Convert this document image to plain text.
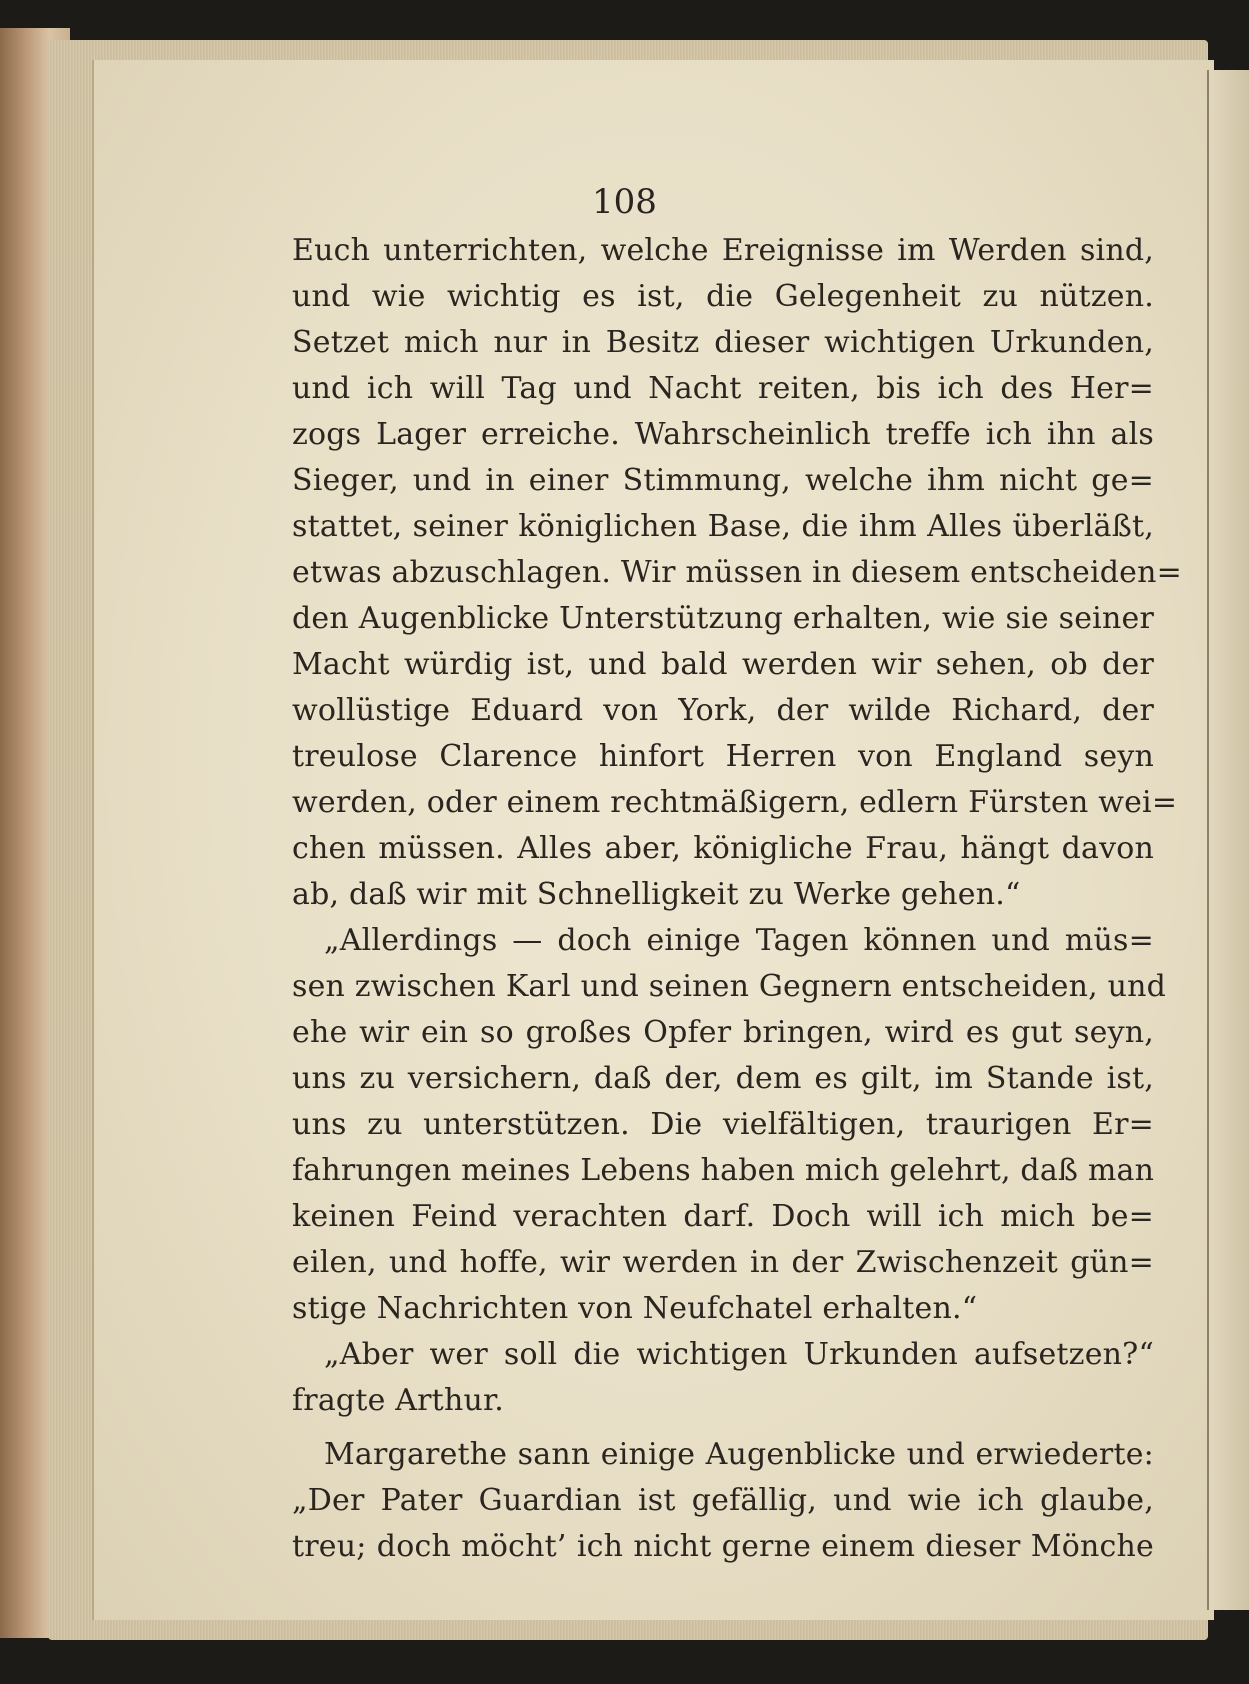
108
Euch unterrichten, welche Ereignisse im Werden sind,
und wie wichtig es ist, die Gelegenheit zu nützen.
Setzet mich nur in Besitz dieser wichtigen Urkunden,
und ich will Tag und Nacht reiten, bis ich des Her=
zogs Lager erreiche. Wahrscheinlich treffe ich ihn als
Sieger, und in einer Stimmung, welche ihm nicht ge=
stattet, seiner königlichen Base, die ihm Alles überläßt,
etwas abzuschlagen. Wir müssen in diesem entscheiden=
den Augenblicke Unterstützung erhalten, wie sie seiner
Macht würdig ist, und bald werden wir sehen, ob der
wollüstige Eduard von York, der wilde Richard, der
treulose Clarence hinfort Herren von England seyn
werden, oder einem rechtmäßigern, edlern Fürsten wei=
chen müssen. Alles aber, königliche Frau, hängt davon
ab, daß wir mit Schnelligkeit zu Werke gehen.“
„Allerdings — doch einige Tagen können und müs=
sen zwischen Karl und seinen Gegnern entscheiden, und
ehe wir ein so großes Opfer bringen, wird es gut seyn,
uns zu versichern, daß der, dem es gilt, im Stande ist,
uns zu unterstützen. Die vielfältigen, traurigen Er=
fahrungen meines Lebens haben mich gelehrt, daß man
keinen Feind verachten darf. Doch will ich mich be=
eilen, und hoffe, wir werden in der Zwischenzeit gün=
stige Nachrichten von Neufchatel erhalten.“
„Aber wer soll die wichtigen Urkunden aufsetzen?“
fragte Arthur.
Margarethe sann einige Augenblicke und erwiederte:
„Der Pater Guardian ist gefällig, und wie ich glaube,
treu; doch möcht’ ich nicht gerne einem dieser Mönche
